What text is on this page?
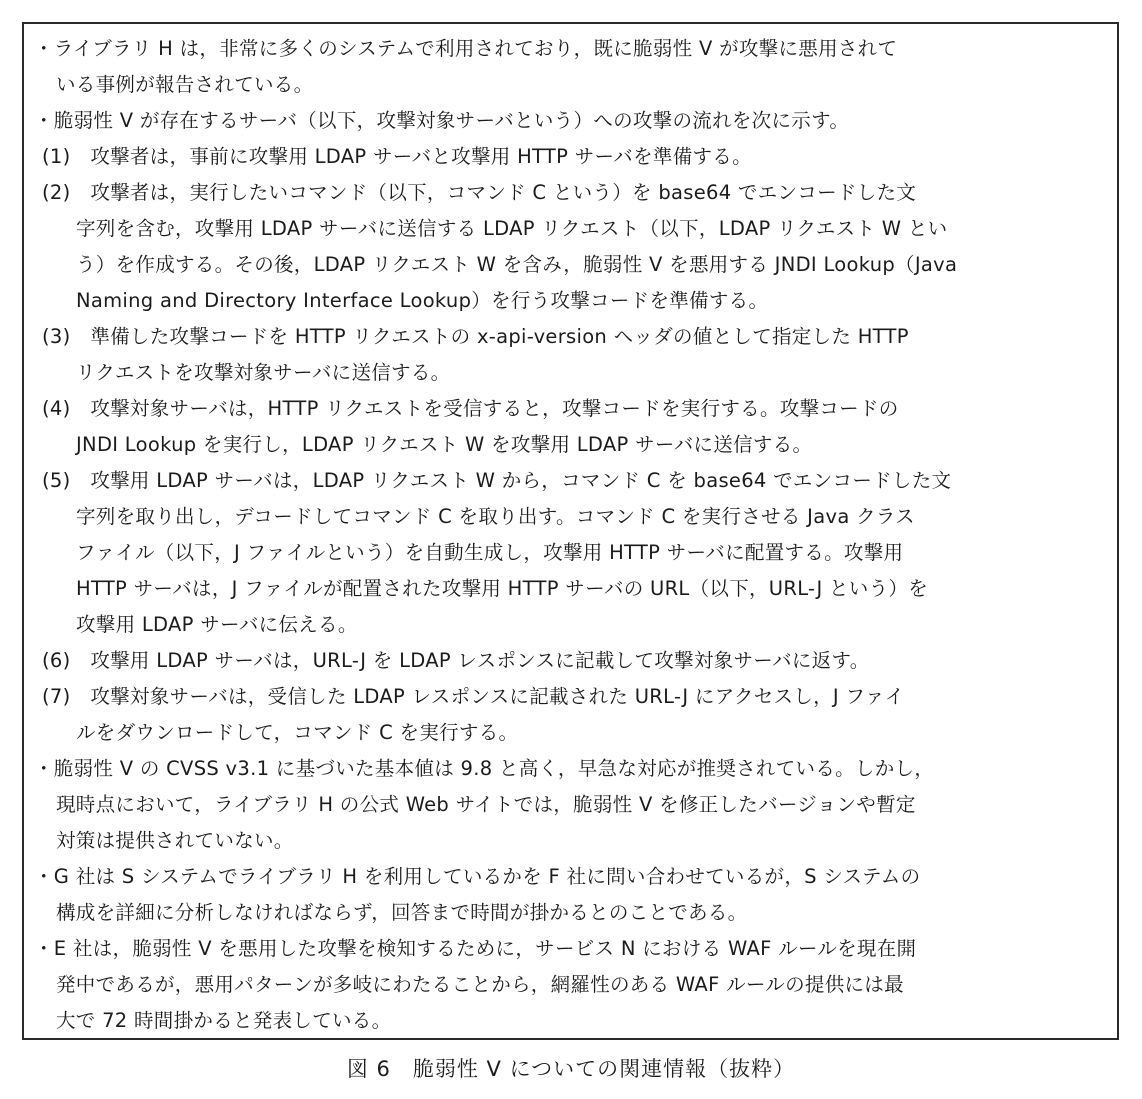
・ライブラリ H は，非常に多くのシステムで利用されており，既に脆弱性 V が攻撃に悪用されて
いる事例が報告されている。
・脆弱性 V が存在するサーバ（以下，攻撃対象サーバという）への攻撃の流れを次に示す。
(1)　攻撃者は，事前に攻撃用 LDAP サーバと攻撃用 HTTP サーバを準備する。
(2)　攻撃者は，実行したいコマンド（以下，コマンド C という）を base64 でエンコードした文
字列を含む，攻撃用 LDAP サーバに送信する LDAP リクエスト（以下，LDAP リクエスト W とい
う）を作成する。その後，LDAP リクエスト W を含み，脆弱性 V を悪用する JNDI Lookup（Java
Naming and Directory Interface Lookup）を行う攻撃コードを準備する。
(3)　準備した攻撃コードを HTTP リクエストの x-api-version ヘッダの値として指定した HTTP
リクエストを攻撃対象サーバに送信する。
(4)　攻撃対象サーバは，HTTP リクエストを受信すると，攻撃コードを実行する。攻撃コードの
JNDI Lookup を実行し，LDAP リクエスト W を攻撃用 LDAP サーバに送信する。
(5)　攻撃用 LDAP サーバは，LDAP リクエスト W から，コマンド C を base64 でエンコードした文
字列を取り出し，デコードしてコマンド C を取り出す。コマンド C を実行させる Java クラス
ファイル（以下，J ファイルという）を自動生成し，攻撃用 HTTP サーバに配置する。攻撃用
HTTP サーバは，J ファイルが配置された攻撃用 HTTP サーバの URL（以下，URL-J という）を
攻撃用 LDAP サーバに伝える。
(6)　攻撃用 LDAP サーバは，URL-J を LDAP レスポンスに記載して攻撃対象サーバに返す。
(7)　攻撃対象サーバは，受信した LDAP レスポンスに記載された URL-J にアクセスし，J ファイ
ルをダウンロードして，コマンド C を実行する。
・脆弱性 V の CVSS v3.1 に基づいた基本値は 9.8 と高く，早急な対応が推奨されている。しかし，
現時点において，ライブラリ H の公式 Web サイトでは，脆弱性 V を修正したバージョンや暫定
対策は提供されていない。
・G 社は S システムでライブラリ H を利用しているかを F 社に問い合わせているが，S システムの
構成を詳細に分析しなければならず，回答まで時間が掛かるとのことである。
・E 社は，脆弱性 V を悪用した攻撃を検知するために，サービス N における WAF ルールを現在開
発中であるが，悪用パターンが多岐にわたることから，網羅性のある WAF ルールの提供には最
大で 72 時間掛かると発表している。
図 6　脆弱性 V についての関連情報（抜粋）
